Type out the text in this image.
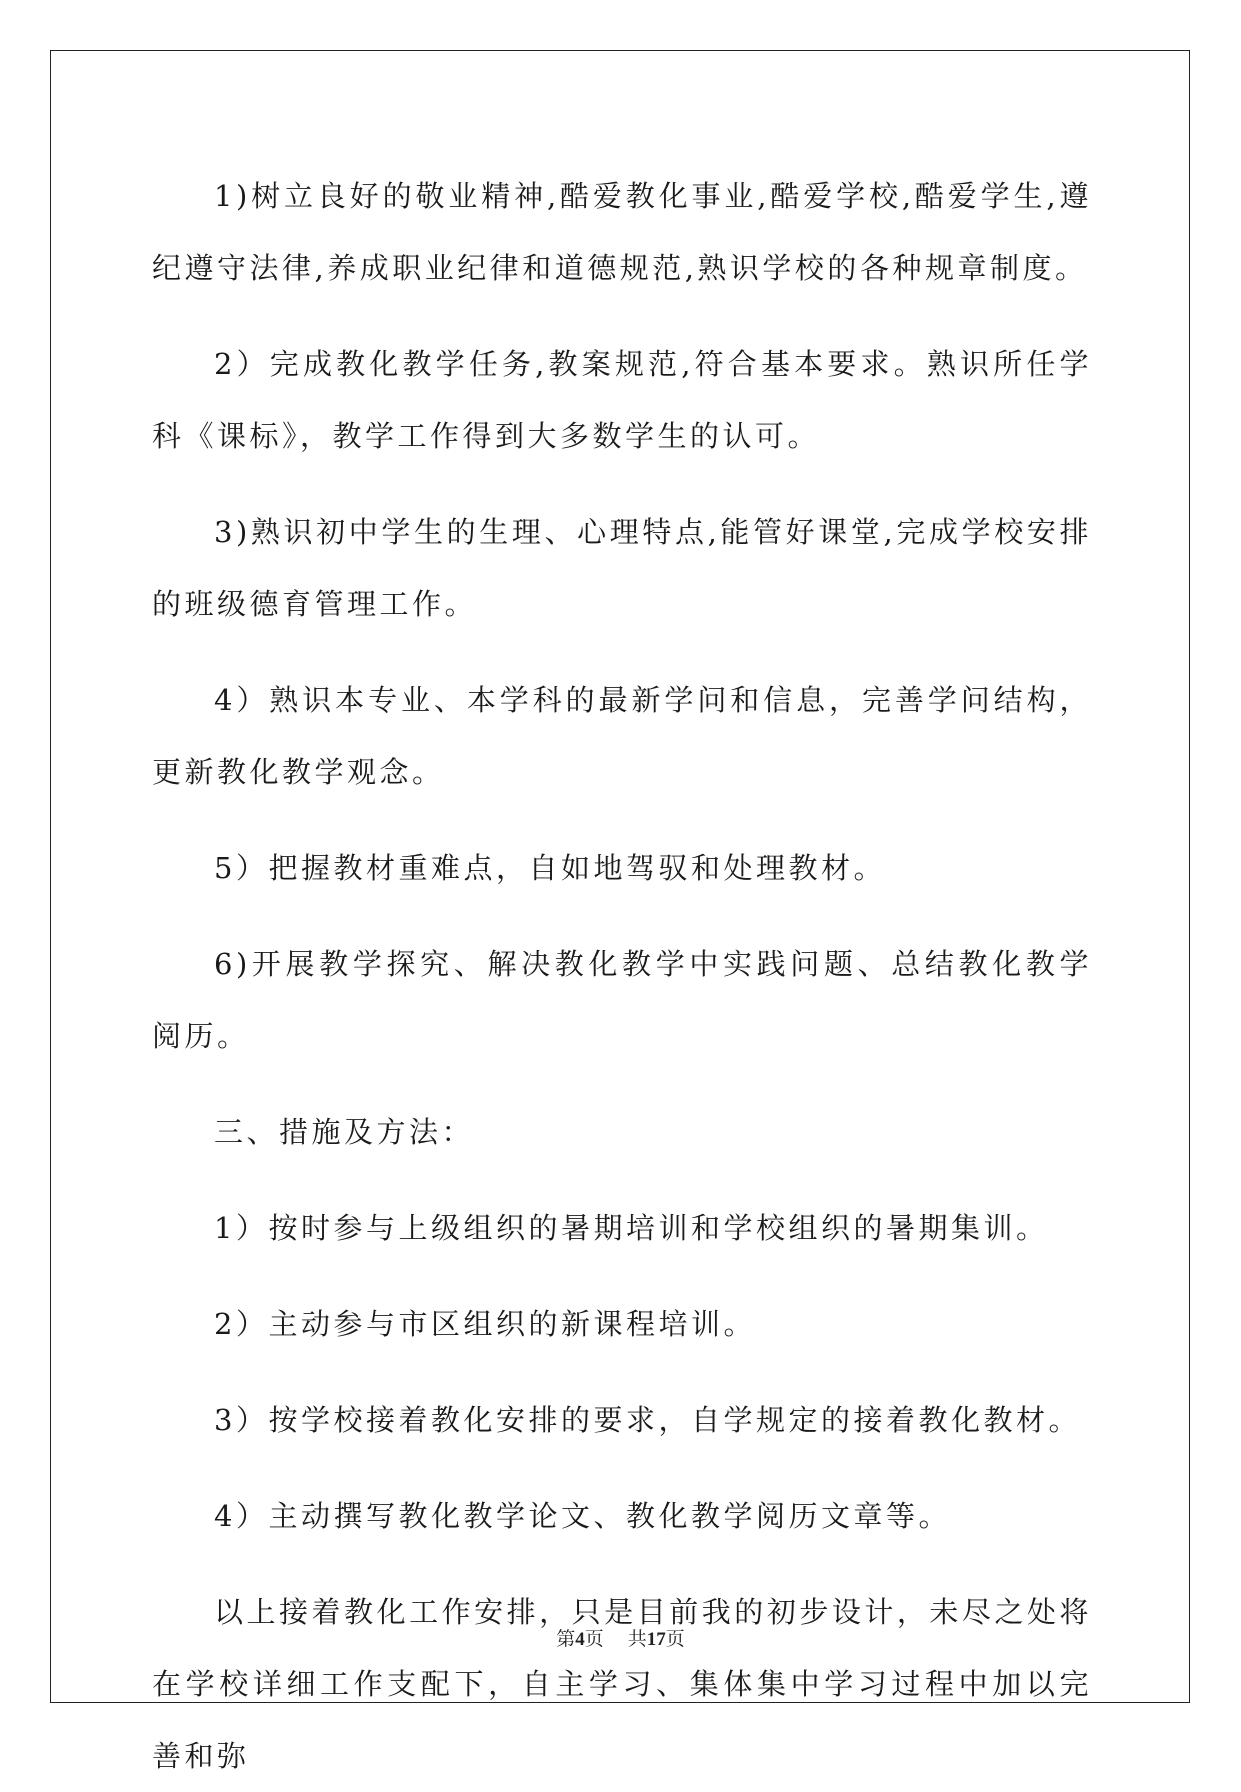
1)树立良好的敬业精神,酷爱教化事业,酷爱学校,酷爱学生,遵纪遵守法律,养成职业纪律和道德规范,熟识学校的各种规章制度。

2）完成教化教学任务,教案规范,符合基本要求。熟识所任学科《课标》，教学工作得到大多数学生的认可。

3)熟识初中学生的生理、心理特点,能管好课堂,完成学校安排的班级德育管理工作。

4）熟识本专业、本学科的最新学问和信息，完善学问结构，更新教化教学观念。

5）把握教材重难点，自如地驾驭和处理教材。

6)开展教学探究、解决教化教学中实践问题、总结教化教学阅历。

三、措施及方法：

1）按时参与上级组织的暑期培训和学校组织的暑期集训。

2）主动参与市区组织的新课程培训。

3）按学校接着教化安排的要求，自学规定的接着教化教材。

4）主动撰写教化教学论文、教化教学阅历文章等。

以上接着教化工作安排，只是目前我的初步设计，未尽之处将在学校详细工作支配下，自主学习、集体集中学习过程中加以完善和弥

第4页 共17页
